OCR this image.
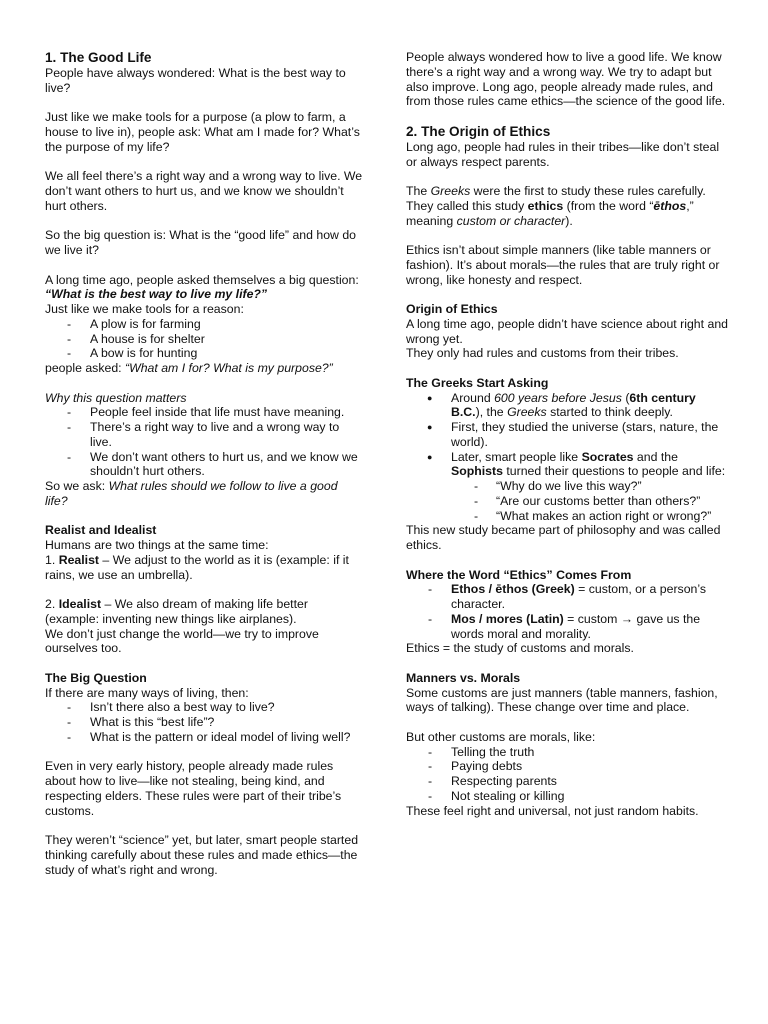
1. The Good Life
People have always wondered: What is the best way to live?
Just like we make tools for a purpose (a plow to farm, a house to live in), people ask: What am I made for? What’s the purpose of my life?
We all feel there’s a right way and a wrong way to live. We don’t want others to hurt us, and we know we shouldn’t hurt others.
So the big question is: What is the “good life” and how do we live it?
A long time ago, people asked themselves a big question:
“What is the best way to live my life?”
Just like we make tools for a reason:
- A plow is for farming
- A house is for shelter
- A bow is for hunting
people asked: “What am I for? What is my purpose?”
Why this question matters
- People feel inside that life must have meaning.
- There’s a right way to live and a wrong way to live.
- We don’t want others to hurt us, and we know we shouldn’t hurt others.
So we ask: What rules should we follow to live a good life?
Realist and Idealist
Humans are two things at the same time:
1. Realist – We adjust to the world as it is (example: if it rains, we use an umbrella).
2. Idealist – We also dream of making life better (example: inventing new things like airplanes).
We don’t just change the world—we try to improve ourselves too.
The Big Question
If there are many ways of living, then:
- Isn’t there also a best way to live?
- What is this “best life”?
- What is the pattern or ideal model of living well?
Even in very early history, people already made rules about how to live—like not stealing, being kind, and respecting elders. These rules were part of their tribe’s customs.
They weren’t “science” yet, but later, smart people started thinking carefully about these rules and made ethics—the study of what’s right and wrong.
People always wondered how to live a good life. We know there’s a right way and a wrong way. We try to adapt but also improve. Long ago, people already made rules, and from those rules came ethics—the science of the good life.
2. The Origin of Ethics
Long ago, people had rules in their tribes—like don’t steal or always respect parents.
The Greeks were the first to study these rules carefully. They called this study ethics (from the word “ēthos,” meaning custom or character).
Ethics isn’t about simple manners (like table manners or fashion). It’s about morals—the rules that are truly right or wrong, like honesty and respect.
Origin of Ethics
A long time ago, people didn’t have science about right and wrong yet.
They only had rules and customs from their tribes.
The Greeks Start Asking
● Around 600 years before Jesus (6th century B.C.), the Greeks started to think deeply.
● First, they studied the universe (stars, nature, the world).
● Later, smart people like Socrates and the Sophists turned their questions to people and life:
- “Why do we live this way?”
- “Are our customs better than others?”
- “What makes an action right or wrong?”
This new study became part of philosophy and was called ethics.
Where the Word “Ethics” Comes From
- Ethos / ēthos (Greek) = custom, or a person’s character.
- Mos / mores (Latin) = custom → gave us the words moral and morality.
Ethics = the study of customs and morals.
Manners vs. Morals
Some customs are just manners (table manners, fashion, ways of talking). These change over time and place.
But other customs are morals, like:
- Telling the truth
- Paying debts
- Respecting parents
- Not stealing or killing
These feel right and universal, not just random habits.
